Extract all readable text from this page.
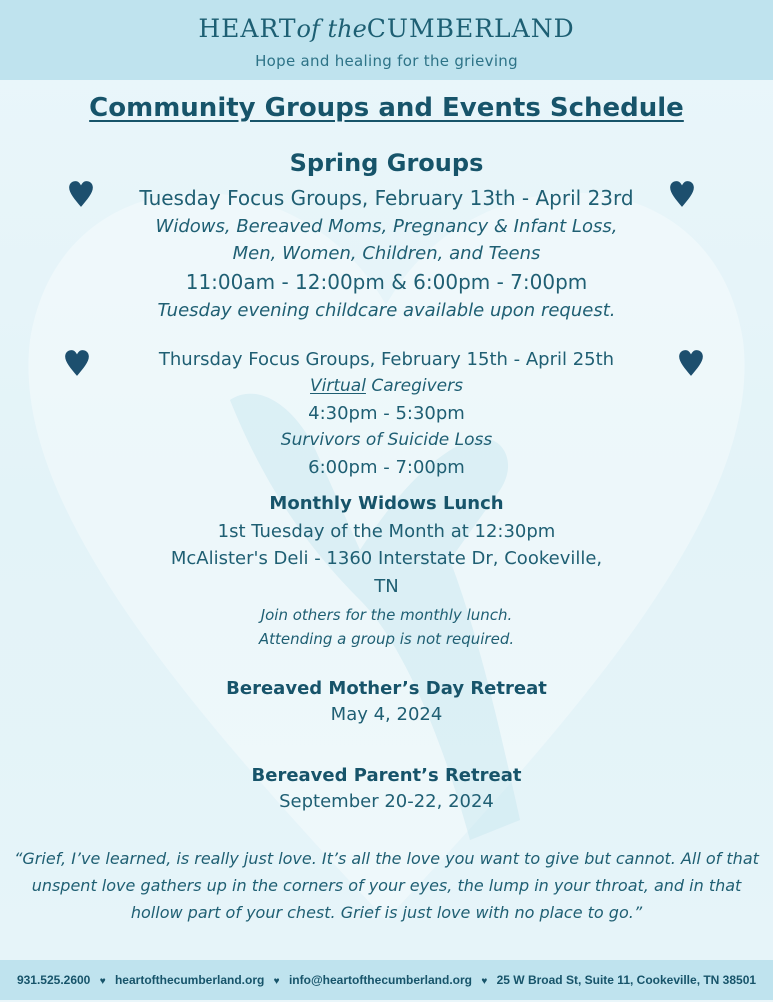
HEARTof theCUMBERLAND
Hope and healing for the grieving
Community Groups and Events Schedule
Spring Groups
Tuesday Focus Groups, February 13th - April 23rd
Widows, Bereaved Moms, Pregnancy & Infant Loss,
Men, Women, Children, and Teens
11:00am - 12:00pm & 6:00pm - 7:00pm
Tuesday evening childcare available upon request.
Thursday Focus Groups, February 15th - April 25th
Virtual Caregivers
4:30pm - 5:30pm
Survivors of Suicide Loss
6:00pm - 7:00pm
Monthly Widows Lunch
1st Tuesday of the Month at 12:30pm
McAlister's Deli - 1360 Interstate Dr, Cookeville,
TN
Join others for the monthly lunch.
Attending a group is not required.
Bereaved Mother’s Day Retreat
May 4, 2024
Bereaved Parent’s Retreat
September 20-22, 2024
“Grief, I’ve learned, is really just love. It’s all the love you want to give but cannot. All of that
unspent love gathers up in the corners of your eyes, the lump in your throat, and in that
hollow part of your chest. Grief is just love with no place to go.”
931.525.2600 ♥ heartofthecumberland.org ♥ info@heartofthecumberland.org ♥ 25 W Broad St, Suite 11, Cookeville, TN 38501
